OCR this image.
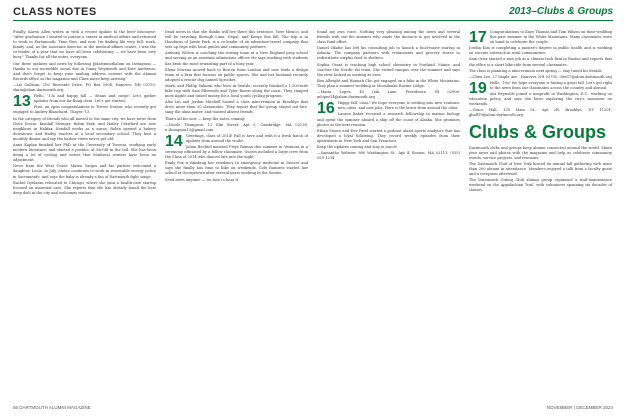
CLASS NOTES	2013–Clubs & Groups

Finally, Karen Allen writes in with a recent update to the beer discourse: "After graduation I started to pursue a career in medical affairs and returned to work in Portsmouth. Time flies, and now I'm finding life very full: work, family, and, as the associate director in the medical-affairs center, I was the co-leader of a year that we have all been celebrating — we have been very busy." Thanks for all the notes, everyone.

Our three updates and news by following @dartmouthalum on Instagram — thanks to our incredible social duo in Ginny Weymouth and Kate Anderson. And don't forget to keep your mailing address current with the Alumni Records office so the magazine and Class notes keep arriving.

—Liz Sullivan, 100 Riverside Drive, PO Box 1904, Hanover, NH 03755; ekam@alum.dartmouth.org

13 Hello, '13s and happy fall — deans and cargo! Let's gather updates from our far-flung class. Let's get started.

First, an open congratulations to Trevor Norton, who recently got engaged to Audrey Blanchard, Thayer '13.

In the category of friends who all moved to the same city, we have news from Nova Scotia: Kendall Stringer, Robin Park, and Hailey Crawford are now neighbors in Halifax. Kendall works as a nurse, Robin opened a bakery downtown, and Hailey teaches at a local secondary school. They host a monthly dinner and say the harbor views never get old.

Anna Kaplan finished her PhD at the University of Toronto, studying early modern literature, and started a postdoc at McGill in the fall. She has been doing a lot of cycling and writes that Montreal winters have been an adjustment.

News from the West Coast: Mateo Vargas and his partner welcomed a daughter, Lucia, in July. Mateo continues to work in renewable energy policy in Sacramento, and says the baby is already a fan of Dartmouth fight songs.

Rachel Oyelaran relocated to Chicago, where she joins a health-care startup focused on maternal care. She reports that she has already found the best deep-dish in the city and welcomes visitors.

Dead notes in that she thinks will live there this sentence. New Mexico, and will be traveling through Lima, Nepal, and Kenya this fall. The trip is in Honduras of Jamie Park, is a co-leader of an adventure-travel company that sets up trips with local guides and community partners.

Anthony Wilson is coaching the rowing team at a New England prep school and serving as an assistant admissions officer. He says working with students has been the most rewarding part of a busy year.

Elena Moreau moved back to Boston from London and now leads a design team at a firm that focuses on public spaces. She and her husband recently adopted a rescue dog named Sprocket.

Mark, and Phillip Sakurai who lives in Seattle, recently finished a 1,000-mile bike trip with Sam Ellsworth and Tyler Boone along the coast. They camped most nights and raised money for a local youth cycling program.

Alex Lin and Jordan Mitchell hosted a class mini-reunion in Brooklyn that drew more than 30 classmates. They report that the group stayed out late, sang the alma mater, and toasted absent friends.

That's all for now — keep the notes coming!

—Nicole Thompson, 12 Elm Street, Apt 3, Cambridge, MA 02138; n.thompson13@gmail.com

14 Greetings, class of 2014! Fall is here and with it a fresh batch of updates from around the world.

Julian Bechtel married Priya Raman this summer in Vermont in a ceremony officiated by a fellow classmate. Guests included a large crew from the Class of 2014 who danced late into the night.

Emily Fox is finishing her residency in emergency medicine in Denver and says she finally has time to hike on weekends. Cole Ramirez started law school at Georgetown after several years working in the Senate.

Send news anytime — we love to hear it.

found my own voice. Nothing very pleasing among the news and several friends with me the summer who made the decision to get involved in the class fund effort.

Daniel Okafor has left his consulting job to launch a food-waste startup in Atlanta. The company partners with restaurants and grocery stores to redistribute surplus food to shelters.

Sophia Grant is teaching high school chemistry in Portland, Maine, and coaches the Nordic ski team. She visited campus over the summer and says the river looked as inviting as ever.

Ben Albright and Hannah Cho got engaged on a hike in the White Mountains. They plan a summer wedding at Moosilauke Ravine Lodge.

—Maria Lopez, 45 Oak Lane, Providence, RI 02906; mlopez14@alum.dartmouth.org

16 Happy fall, class! We hope everyone is settling into new routines, new cities, and new jobs. Here is the latest from around the class.

Lauren Baker received a research fellowship in marine biology and spent the summer aboard a ship off the coast of Alaska. She promises photos at the next reunion.

Ethan Moore and Dev Patel started a podcast about sports analytics that has developed a loyal following. They record weekly episodes from their apartments in New York and San Francisco.

Keep the updates coming and stay in touch!

—Samantha Webster, 800 Washington St., Apt 4, Boston, MA 02111; (555) 555-1234

17 Congratulations to Kaye Thomas and Tom Wilson on their wedding this past summer in the White Mountains. Many classmates were on hand to celebrate the couple.

Jordan Kim is completing a master's degree in public health and is working on vaccine outreach in rural communities.

Sam Ortiz started a new job at a climate-tech firm in Boston and reports that the office is a short bike ride from several classmates.

The class is planning a mini-reunion next spring — stay tuned for details.

—Chris Lee, 27 Maple Ave., Hanover, NH 03755; clee17@alum.dartmouth.org

19 Hello, '19s! We hope everyone is having a great fall. Let's get right to the news from our classmates across the country and abroad.

Ava Reynolds joined a nonprofit in Washington, D.C., working on education policy, and says she loves exploring the city's museums on weekends.

—Grace Hall, 100 Main St., Apt 2B, Brooklyn, NY 11201; ghall19@alum.dartmouth.org

Clubs & Groups

Dartmouth clubs and groups keep alumni connected around the world. Share your news and photos with the magazine and help us celebrate community events, service projects, and reunions.

The Dartmouth Club of New York hosted its annual fall gathering with more than 200 alumni in attendance. Members enjoyed a talk from a faculty guest and a reception afterward.

The Dartmouth Outing Club alumni group organized a trail-maintenance weekend on the Appalachian Trail, with volunteers spanning six decades of classes.

56 DARTMOUTH ALUMNI MAGAZINE	NOVEMBER | DECEMBER 2024
